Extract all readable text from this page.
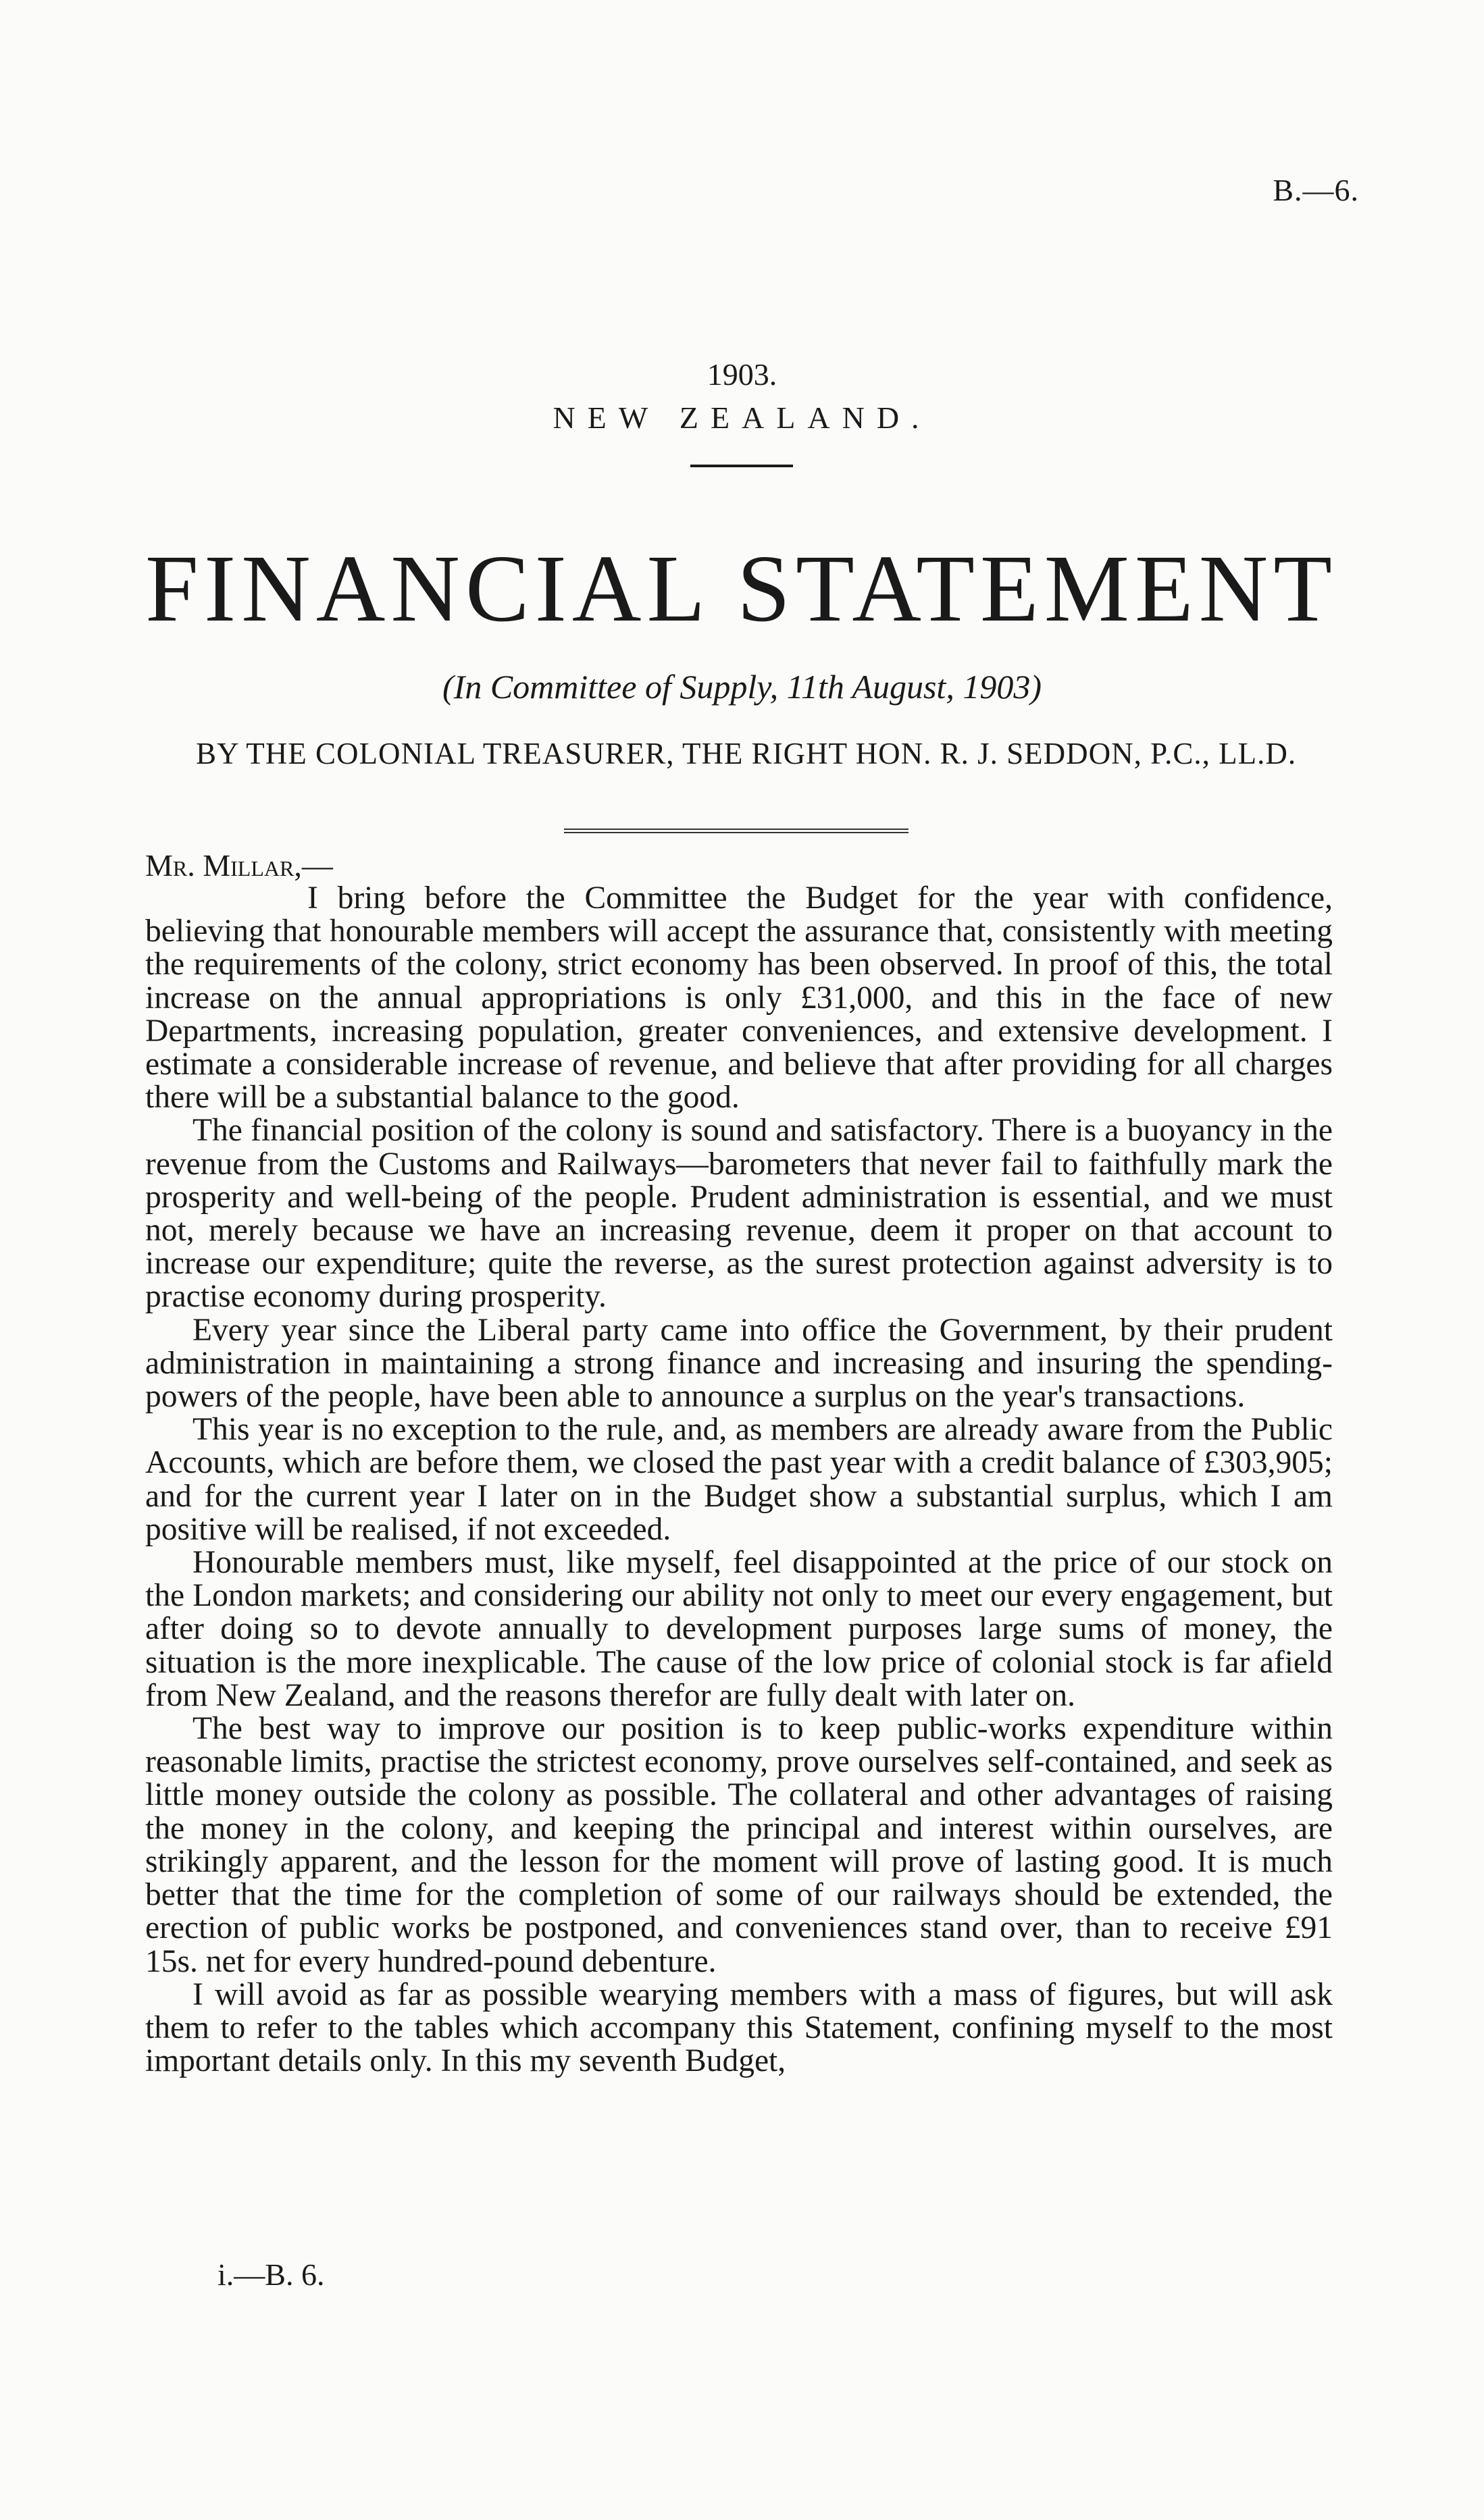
B.—6.
1903.
NEW ZEALAND.
FINANCIAL STATEMENT
(In Committee of Supply, 11th August, 1903)
BY THE COLONIAL TREASURER, THE RIGHT HON. R. J. SEDDON, P.C., LL.D.
Mr. Millar,—

I bring before the Committee the Budget for the year with confidence, believing that honourable members will accept the assurance that, consistently with meeting the requirements of the colony, strict economy has been observed. In proof of this, the total increase on the annual appropriations is only £31,000, and this in the face of new Departments, increasing population, greater conveniences, and extensive development. I estimate a considerable increase of revenue, and believe that after providing for all charges there will be a substantial balance to the good.

The financial position of the colony is sound and satisfactory. There is a buoyancy in the revenue from the Customs and Railways—barometers that never fail to faithfully mark the prosperity and well-being of the people. Prudent administration is essential, and we must not, merely because we have an increasing revenue, deem it proper on that account to increase our expenditure; quite the reverse, as the surest protection against adversity is to practise economy during prosperity.

Every year since the Liberal party came into office the Government, by their prudent administration in maintaining a strong finance and increasing and insuring the spending-powers of the people, have been able to announce a surplus on the year's transactions.

This year is no exception to the rule, and, as members are already aware from the Public Accounts, which are before them, we closed the past year with a credit balance of £303,905; and for the current year I later on in the Budget show a substantial surplus, which I am positive will be realised, if not exceeded.

Honourable members must, like myself, feel disappointed at the price of our stock on the London markets; and considering our ability not only to meet our every engagement, but after doing so to devote annually to development purposes large sums of money, the situation is the more inexplicable. The cause of the low price of colonial stock is far afield from New Zealand, and the reasons therefor are fully dealt with later on.

The best way to improve our position is to keep public-works expenditure within reasonable limits, practise the strictest economy, prove ourselves self-contained, and seek as little money outside the colony as possible. The collateral and other advantages of raising the money in the colony, and keeping the principal and interest within ourselves, are strikingly apparent, and the lesson for the moment will prove of lasting good. It is much better that the time for the completion of some of our railways should be extended, the erection of public works be postponed, and conveniences stand over, than to receive £91 15s. net for every hundred-pound debenture.

I will avoid as far as possible wearying members with a mass of figures, but will ask them to refer to the tables which accompany this Statement, confining myself to the most important details only. In this my seventh Budget,

i.—B. 6.
